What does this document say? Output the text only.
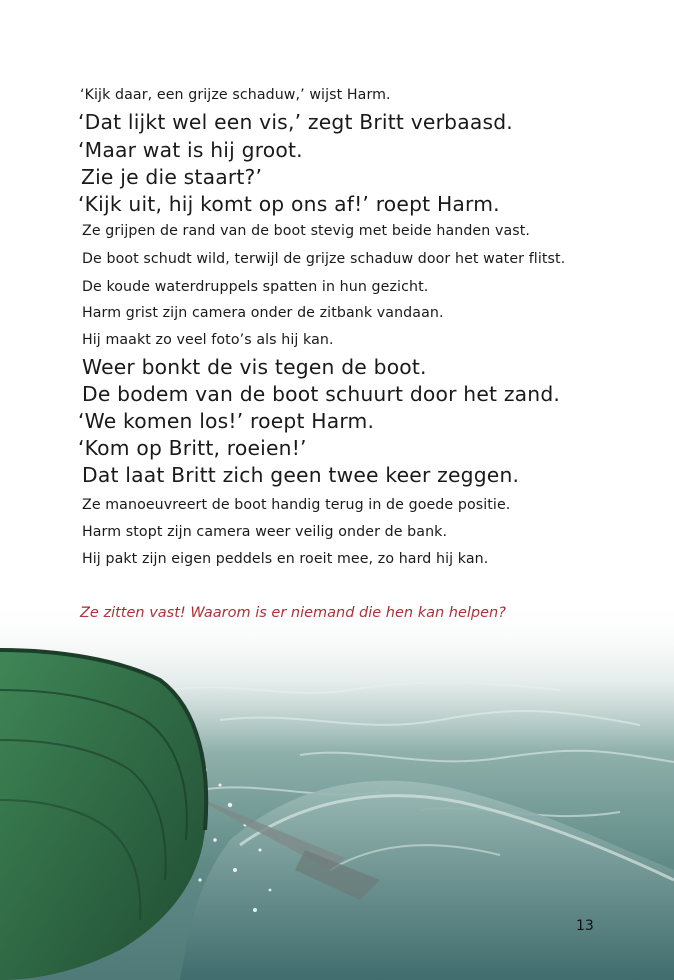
‘Kijk daar, een grijze schaduw,’ wijst Harm.
‘Dat lijkt wel een vis,’ zegt Britt verbaasd.
‘Maar wat is hij groot.
Zie je die staart?’
‘Kijk uit, hij komt op ons af!’ roept Harm.
Ze grijpen de rand van de boot stevig met beide handen vast.
De boot schudt wild, terwijl de grijze schaduw door het water flitst.
De koude waterdruppels spatten in hun gezicht.
Harm grist zijn camera onder de zitbank vandaan.
Hij maakt zo veel foto’s als hij kan.
Weer bonkt de vis tegen de boot.
De bodem van de boot schuurt door het zand.
‘We komen los!’ roept Harm.
‘Kom op Britt, roeien!’
Dat laat Britt zich geen twee keer zeggen.
Ze manoeuvreert de boot handig terug in de goede positie.
Harm stopt zijn camera weer veilig onder de bank.
Hij pakt zijn eigen peddels en roeit mee, zo hard hij kan.
13
